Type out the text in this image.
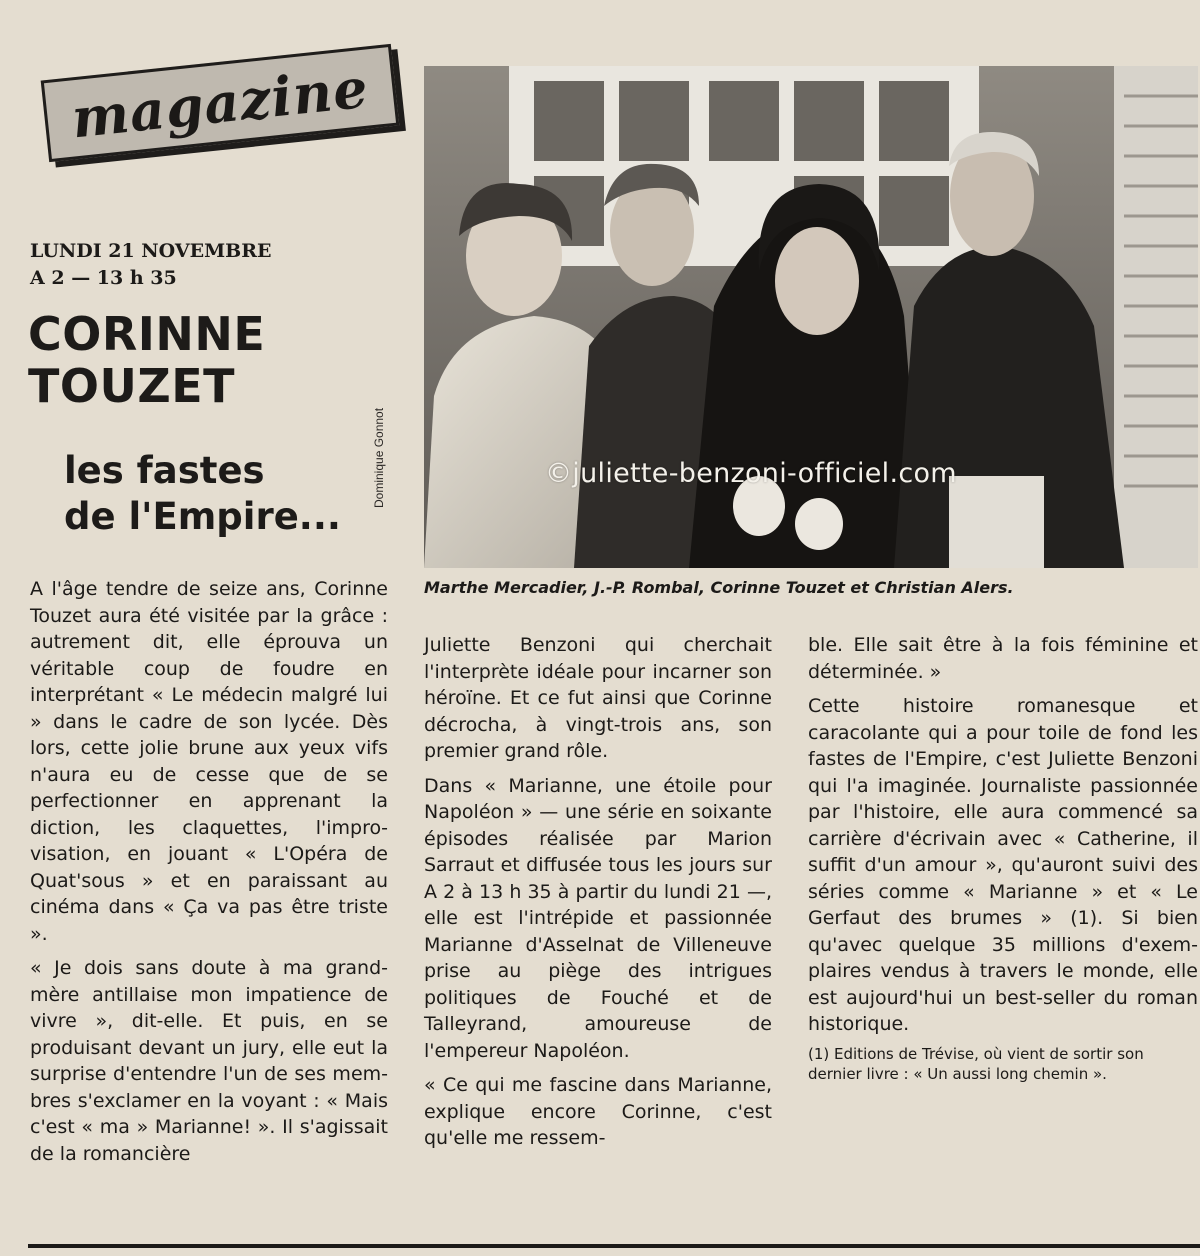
magazine
LUNDI 21 NOVEMBRE
A 2 — 13 h 35
CORINNE
TOUZET
les fastes
de l'Empire...
Dominique Gonnot	©juliette-benzoni-officiel.com
Marthe Mercadier, J.-P. Rombal, Corinne Touzet et Christian Alers.

A l'âge tendre de seize ans, Corinne Touzet aura été visitée par la grâce : autrement dit, elle éprouva un véritable coup de foudre en interprétant « Le médecin malgré lui » dans le cadre de son lycée. Dès lors, cette jolie brune aux yeux vifs n'aura eu de cesse que de se perfectionner en apprenant la diction, les claquettes, l'improvisation, en jouant « L'Opéra de Quat'sous » et en paraissant au cinéma dans « Ça va pas être triste ».

« Je dois sans doute à ma grand-mère antillaise mon impatience de vivre », dit-elle. Et puis, en se produisant devant un jury, elle eut la surprise d'entendre l'un de ses membres s'exclamer en la voyant : « Mais c'est « ma » Marianne! ». Il s'agissait de la romancière

Juliette Benzoni qui cherchait l'interprète idéale pour incarner son héroïne. Et ce fut ainsi que Corinne décrocha, à vingt-trois ans, son premier grand rôle.

Dans « Marianne, une étoile pour Napoléon » — une série en soixante épisodes réalisée par Marion Sarraut et diffusée tous les jours sur A 2 à 13 h 35 à partir du lundi 21 —, elle est l'intrépide et passionnée Marianne d'Asselnat de Villeneuve prise au piège des intrigues politiques de Fouché et de Talleyrand, amoureuse de l'empereur Napoléon.

« Ce qui me fascine dans Marianne, explique encore Corinne, c'est qu'elle me ressem-

ble. Elle sait être à la fois féminine et déterminée. »

Cette histoire romanesque et caracolante qui a pour toile de fond les fastes de l'Empire, c'est Juliette Benzoni qui l'a imaginée. Journaliste passionnée par l'histoire, elle aura commencé sa carrière d'écrivain avec « Catherine, il suffit d'un amour », qu'auront suivi des séries comme « Marianne » et « Le Gerfaut des brumes » (1). Si bien qu'avec quelque 35 millions d'exemplaires vendus à travers le monde, elle est aujourd'hui un best-seller du roman historique.

(1) Editions de Trévise, où vient de sortir son dernier livre : « Un aussi long chemin ».
